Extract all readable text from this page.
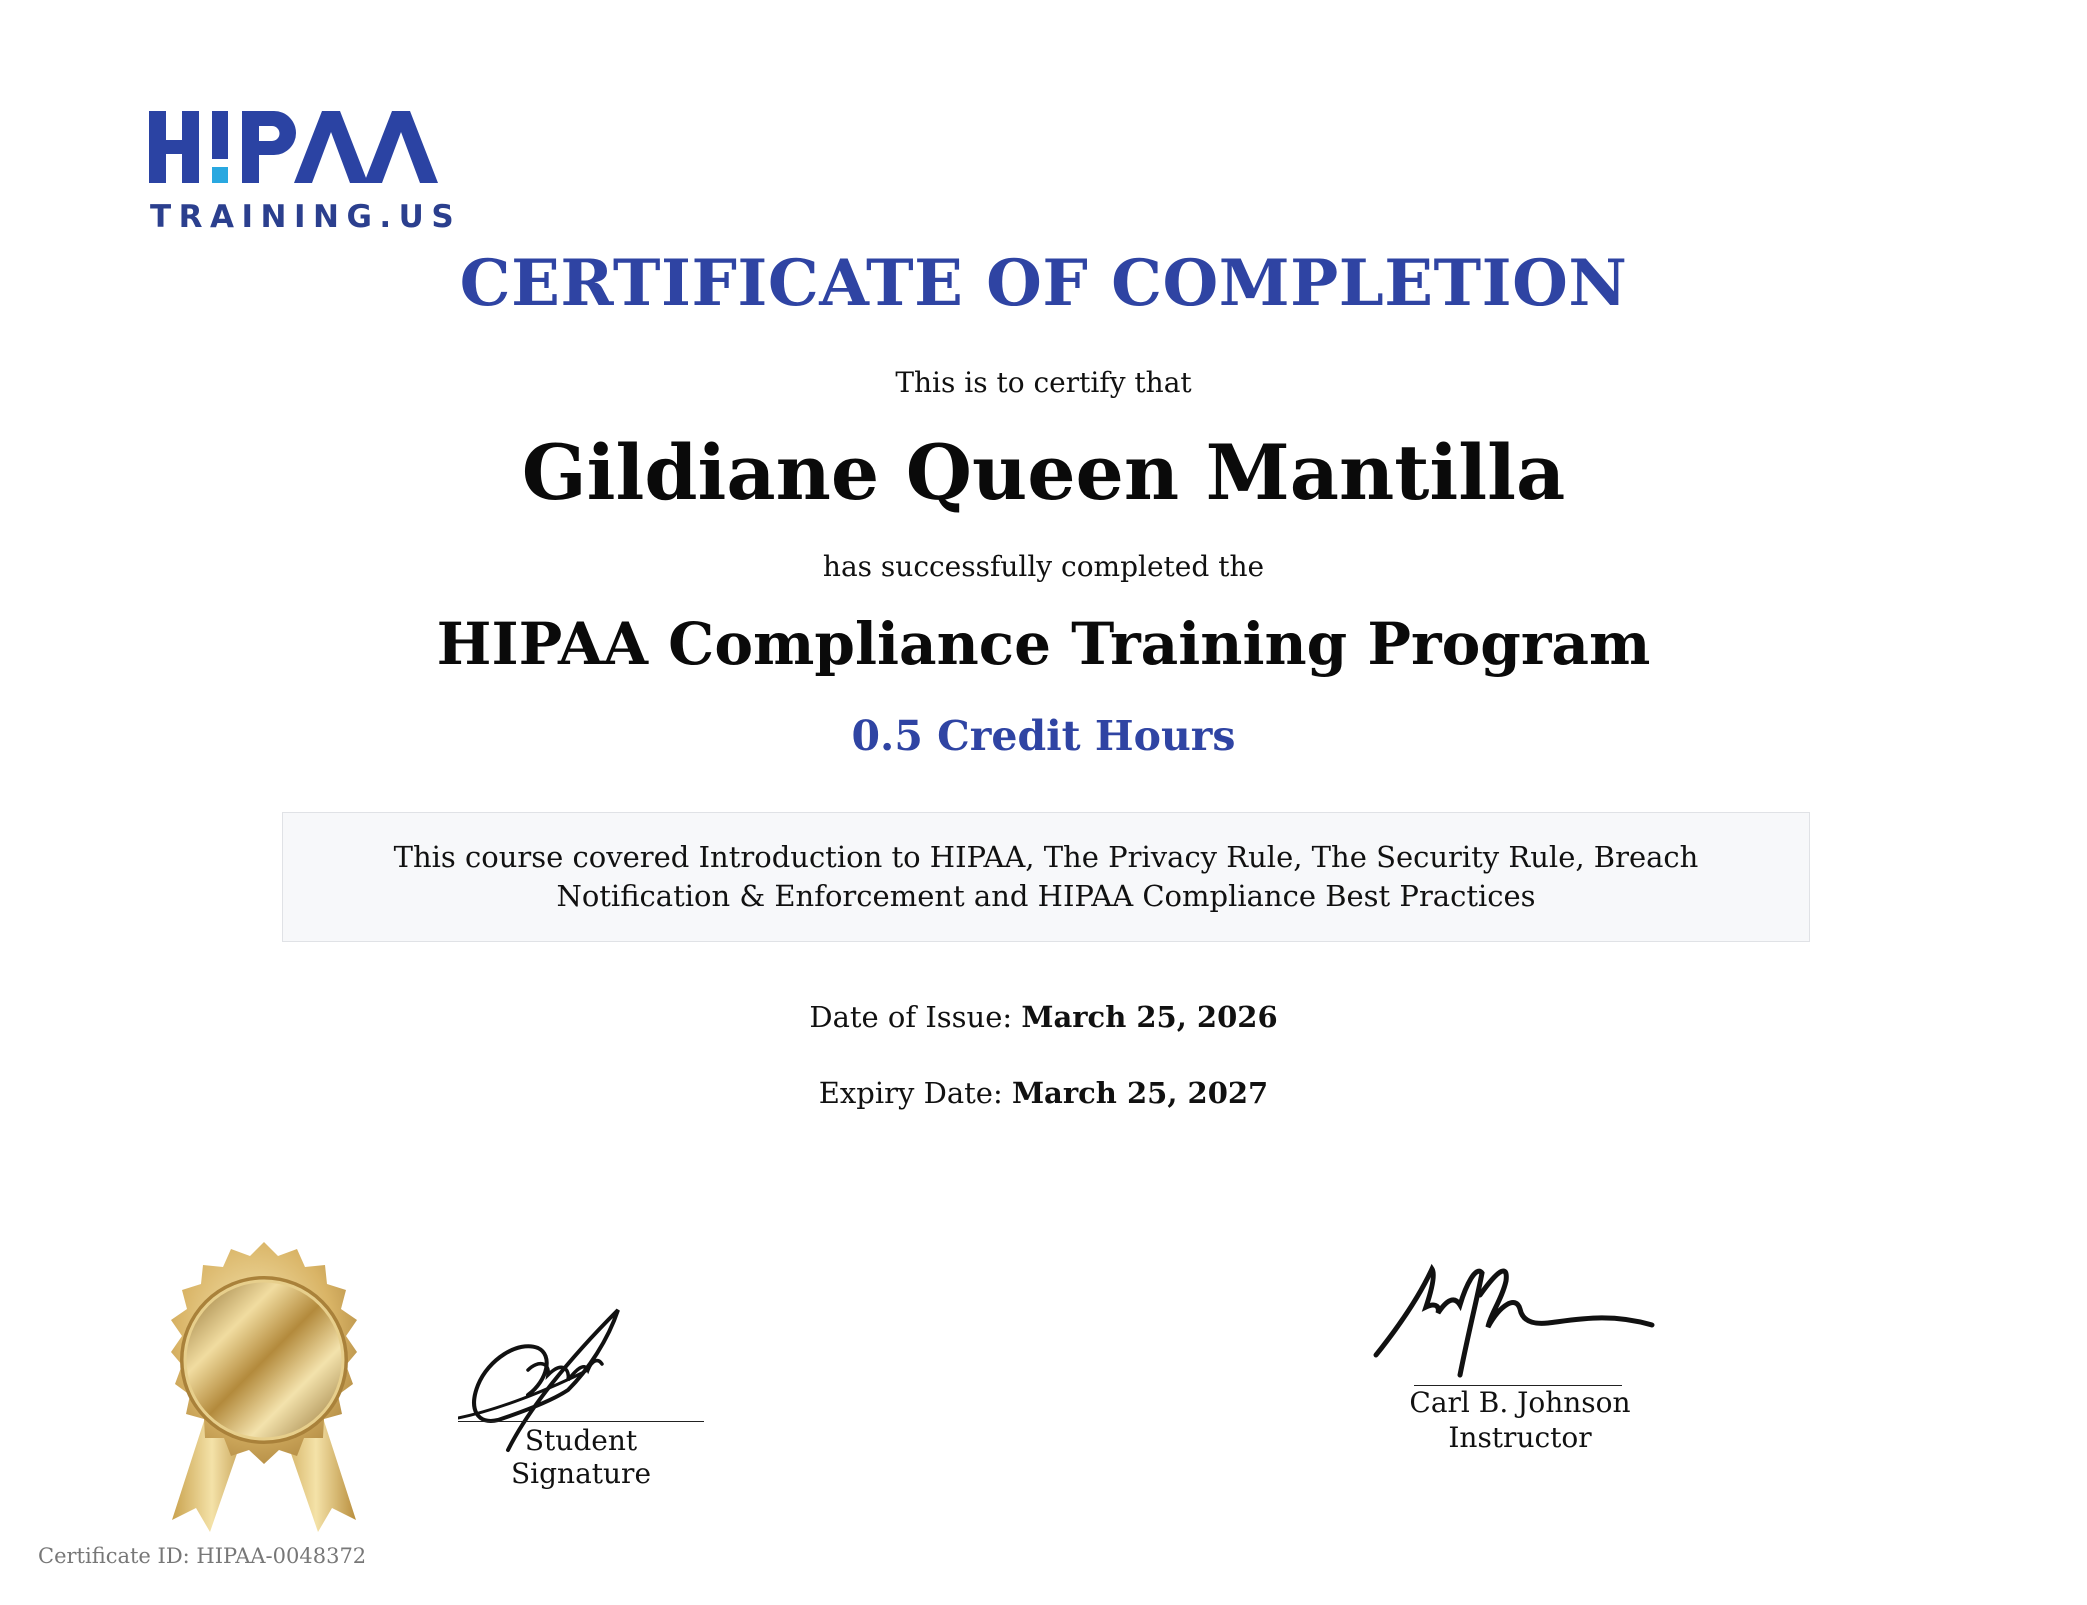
TRAINING.US
CERTIFICATE OF COMPLETION
This is to certify that
Gildiane Queen Mantilla
has successfully completed the
HIPAA Compliance Training Program
0.5 Credit Hours
This course covered Introduction to HIPAA, The Privacy Rule, The Security Rule, Breach Notification & Enforcement and HIPAA Compliance Best Practices
Date of Issue: March 25, 2026
Expiry Date: March 25, 2027
Student Signature
Carl B. Johnson
Instructor
Certificate ID: HIPAA-0048372
